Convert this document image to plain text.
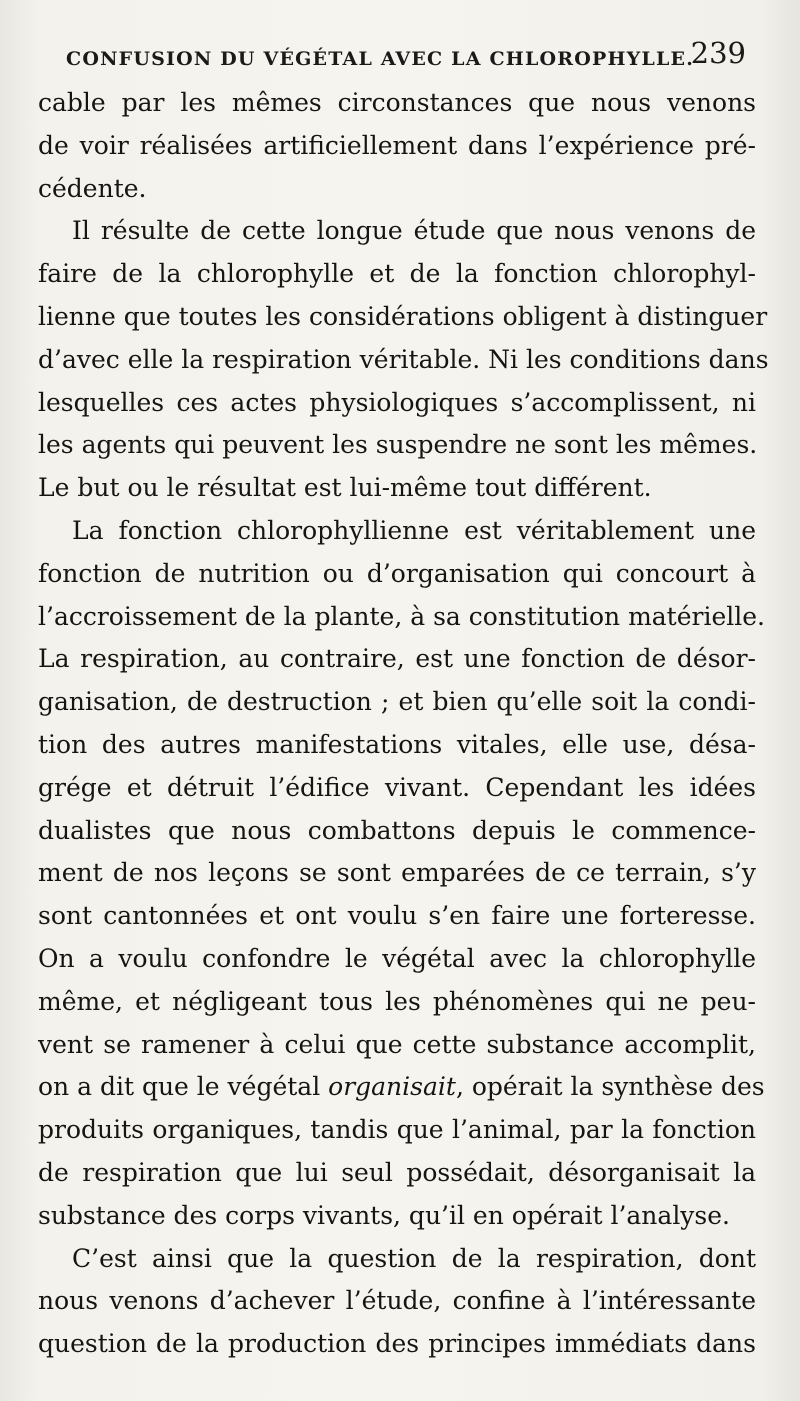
CONFUSION DU VÉGÉTAL AVEC LA CHLOROPHYLLE.
239

cable par les mêmes circonstances que nous venons
de voir réalisées artificiellement dans l’expérience pré-
cédente.

Il résulte de cette longue étude que nous venons de
faire de la chlorophylle et de la fonction chlorophyl-
lienne que toutes les considérations obligent à distinguer
d’avec elle la respiration véritable. Ni les conditions dans
lesquelles ces actes physiologiques s’accomplissent, ni
les agents qui peuvent les suspendre ne sont les mêmes.
Le but ou le résultat est lui-même tout différent.

La fonction chlorophyllienne est véritablement une
fonction de nutrition ou d’organisation qui concourt à
l’accroissement de la plante, à sa constitution matérielle.
La respiration, au contraire, est une fonction de désor-
ganisation, de destruction ; et bien qu’elle soit la condi-
tion des autres manifestations vitales, elle use, désa-
grége et détruit l’édifice vivant. Cependant les idées
dualistes que nous combattons depuis le commence-
ment de nos leçons se sont emparées de ce terrain, s’y
sont cantonnées et ont voulu s’en faire une forteresse.
On a voulu confondre le végétal avec la chlorophylle
même, et négligeant tous les phénomènes qui ne peu-
vent se ramener à celui que cette substance accomplit,
on a dit que le végétal organisait, opérait la synthèse des
produits organiques, tandis que l’animal, par la fonction
de respiration que lui seul possédait, désorganisait la
substance des corps vivants, qu’il en opérait l’analyse.

C’est ainsi que la question de la respiration, dont
nous venons d’achever l’étude, confine à l’intéressante
question de la production des principes immédiats dans
